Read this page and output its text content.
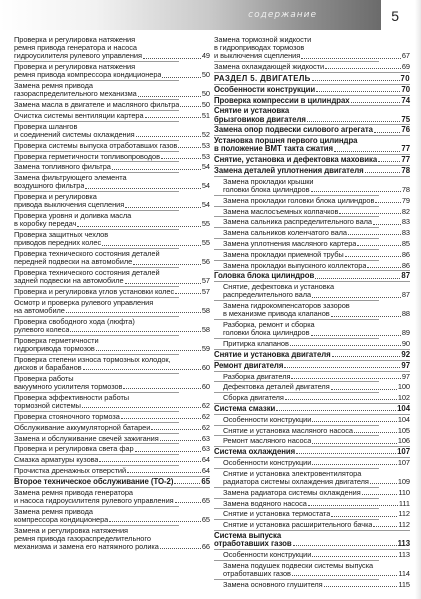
содержание	5
Проверка и регулировка натяжения
ремня привода генератора и насоса
гидроусилителя рулевого управления	49
Проверка и регулировка натяжения
ремня привода компрессора кондиционера	50
Замена ремня привода
газораспределительного механизма	50
Замена масла в двигателе и масляного фильтра	50
Очистка системы вентиляции картера	51
Проверка шлангов
и соединений системы охлаждения	52
Проверка системы выпуска отработавших газов	53
Проверка герметичности топливопроводов	53
Замена топливного фильтра	54
Замена фильтрующего элемента
воздушного фильтра	54
Проверка и регулировка
привода выключения сцепления	54
Проверка уровня и доливка масла
в коробку передач	55
Проверка защитных чехлов
приводов передних колес	55
Проверка технического состояния деталей
передней подвески на автомобиле	56
Проверка технического состояния деталей
задней подвески на автомобиле	57
Проверка и регулировка углов установки колес	57
Осмотр и проверка рулевого управления
на автомобиле	58
Проверка свободного хода (люфта)
рулевого колеса	58
Проверка герметичности
гидропривода тормозов	59
Проверка степени износа тормозных колодок,
дисков и барабанов	60
Проверка работы
вакуумного усилителя тормозов	60
Проверка эффективности работы
тормозной системы	62
Проверка стояночного тормоза	62
Обслуживание аккумуляторной батареи	62
Замена и обслуживание свечей зажигания	63
Проверка и регулировка света фар	63
Смазка арматуры кузова	64
Прочистка дренажных отверстий	64
Второе техническое обслуживание (ТО-2)	65
Замена ремня привода генератора
и насоса гидроусилителя рулевого управления	65
Замена ремня привода
компрессора кондиционера	65
Замена и регулировка натяжения
ремня привода газораспределительного
механизма и замена его натяжного ролика	66
Замена тормозной жидкости
в гидроприводах тормозов
и выключения сцепления	67
Замена охлаждающей жидкости	69
РАЗДЕЛ 5. ДВИГАТЕЛЬ	70
Особенности конструкции	70
Проверка компрессии в цилиндрах	74
Снятие и установка
брызговиков двигателя	75
Замена опор подвески силового агрегата	76
Установка поршня первого цилиндра
в положение ВМТ такта сжатия	77
Снятие, установка и дефектовка маховика	77
Замена деталей уплотнения двигателя	78
Замена прокладки крышки
головки блока цилиндров	78
Замена прокладки головки блока цилиндров	79
Замена маслосъемных колпачков	82
Замена сальника распределительного вала	83
Замена сальников коленчатого вала	83
Замена уплотнения масляного картера	85
Замена прокладки приемной трубы	86
Замена прокладки выпускного коллектора	86
Головка блока цилиндров	87
Снятие, дефектовка и установка
распределительного вала	87
Замена гидрокомпенсаторов зазоров
в механизме привода клапанов	88
Разборка, ремонт и сборка
головки блока цилиндров	89
Притирка клапанов	90
Снятие и установка двигателя	92
Ремонт двигателя	97
Разборка двигателя	97
Дефектовка деталей двигателя	100
Сборка двигателя	102
Система смазки	104
Особенности конструкции	104
Снятие и установка масляного насоса	105
Ремонт масляного насоса	106
Система охлаждения	107
Особенности конструкции	107
Снятие и установка электровентилятора
радиатора системы охлаждения двигателя	109
Замена радиатора системы охлаждения	110
Замена водяного насоса	111
Снятие и установка термостата	112
Снятие и установка расширительного бачка	112
Система выпуска
отработавших газов	113
Особенности конструкции	113
Замена подушек подвески системы выпуска
отработавших газов	114
Замена основного глушителя	115
